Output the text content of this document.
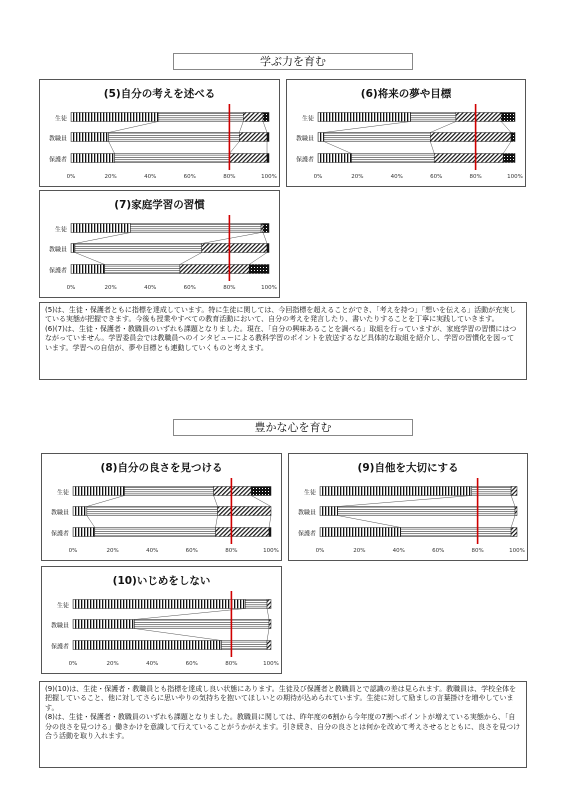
学ぶ力を育む
(5)自分の考えを述べる
生徒
教職員
保護者
0%	20%	40%	60%	80%	100%
(6)将来の夢や目標
生徒
教職員
保護者
0%	20%	40%	60%	80%	100%
(7)家庭学習の習慣
生徒
教職員
保護者
0%	20%	40%	60%	80%	100%

(5)は、生徒・保護者ともに指標を達成しています。特に生徒に関しては、今回指標を超えることができ、「考えを持つ」「想いを伝える」活動が充実している実態が把握できます。今後も授業やすべての教育活動において、自分の考えを発言したり、書いたりすることを丁寧に実践していきます。

(6)(7)は、生徒・保護者・教職員のいずれも課題となりました。現在、「自分の興味あることを調べる」取組を行っていますが、家庭学習の習慣にはつながっていません。学習委員会では教職員へのインタビューによる教科学習のポイントを放送するなど具体的な取組を紹介し、学習の習慣化を図っています。学習への自信が、夢や目標とも連動していくものと考えます。

豊かな心を育む
(8)自分の良さを見つける
生徒
教職員
保護者
0%	20%	40%	60%	80%	100%
(9)自他を大切にする
生徒
教職員
保護者
0%	20%	40%	60%	80%	100%
(10)いじめをしない
生徒
教職員
保護者
0%	20%	40%	60%	80%	100%

(9)(10)は、生徒・保護者・教職員とも指標を達成し良い状態にあります。生徒及び保護者と教職員とで認識の差は見られます。教職員は、学校全体を把握していること、他に対してさらに思いやりの気持ちを抱いてほしいとの期待が込められています。生徒に対して励ましの言葉掛けを増やしています。

(8)は、生徒・保護者・教職員のいずれも課題となりました。教職員に関しては、昨年度の6割から今年度の7割へポイントが増えている実態から、「自分の良さを見つける」働きかけを意識して行えていることがうかがえます。引き続き、自分の良さとは何かを改めて考えさせるとともに、良さを見つけ合う活動を取り入れます。
